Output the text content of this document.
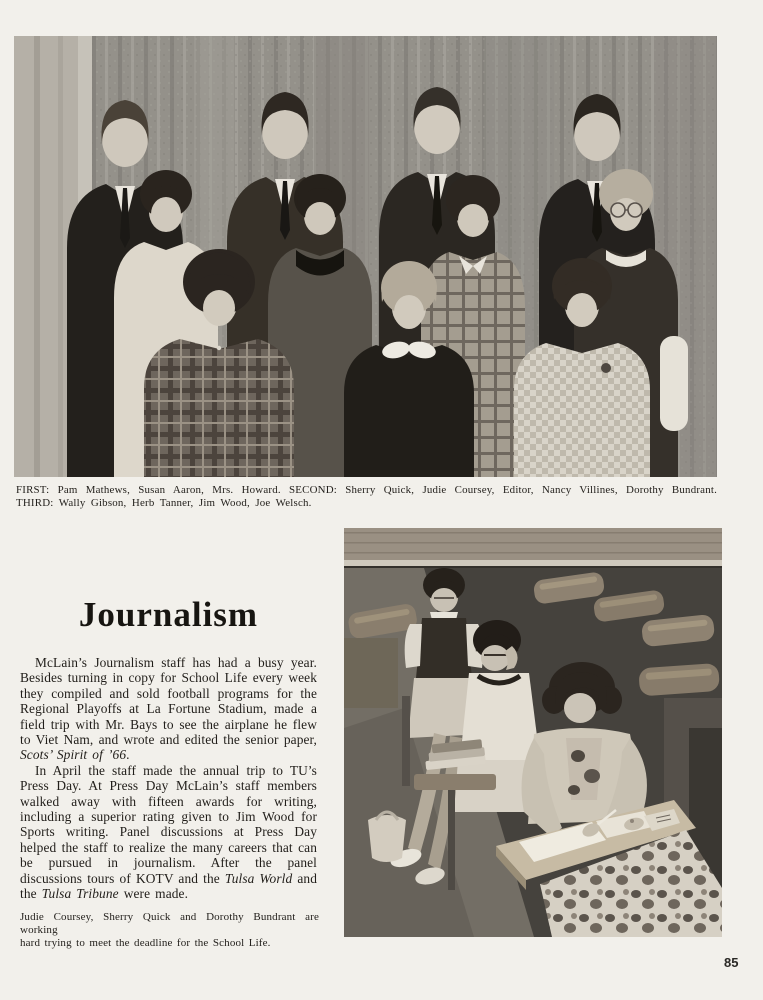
FIRST: Pam Mathews, Susan Aaron, Mrs. Howard. SECOND: Sherry Quick, Judie Coursey, Editor, Nancy Villines, Dorothy Bundrant.
THIRD: Wally Gibson, Herb Tanner, Jim Wood, Joe Welsch.

Journalism

McLain’s Journalism staff has had a busy year. Besides turning in copy for School Life every week they compiled and sold football programs for the Regional Playoffs at La Fortune Stadium, made a field trip with Mr. Bays to see the airplane he flew to Viet Nam, and wrote and edited the senior paper, Scots’ Spirit of ’66.

In April the staff made the annual trip to TU’s Press Day. At Press Day McLain’s staff members walked away with fifteen awards for writing, including a superior rating given to Jim Wood for Sports writing. Panel discussions at Press Day helped the staff to realize the many careers that can be pursued in journalism. After the panel discussions tours of KOTV and the Tulsa World and the Tulsa Tribune were made.

Judie Coursey, Sherry Quick and Dorothy Bundrant are working
hard trying to meet the deadline for the School Life.

85
